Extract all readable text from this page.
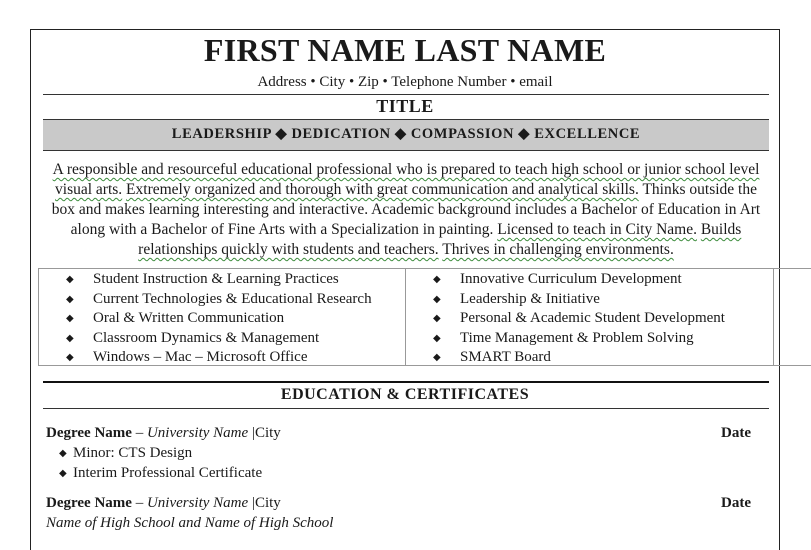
FIRST NAME LAST NAME
Address • City • Zip • Telephone Number • email
TITLE
LEADERSHIP ◆ DEDICATION ◆ COMPASSION ◆ EXCELLENCE
A responsible and resourceful educational professional who is prepared to teach high school or junior school level visual arts. Extremely organized and thorough with great communication and analytical skills. Thinks outside the box and makes learning interesting and interactive. Academic background includes a Bachelor of Education in Art along with a Bachelor of Fine Arts with a Specialization in painting. Licensed to teach in City Name. Builds relationships quickly with students and teachers. Thrives in challenging environments.
◆ Student Instruction & Learning Practices
◆ Current Technologies & Educational Research
◆ Oral & Written Communication
◆ Classroom Dynamics & Management
◆ Windows – Mac – Microsoft Office
◆ Innovative Curriculum Development
◆ Leadership & Initiative
◆ Personal & Academic Student Development
◆ Time Management & Problem Solving
◆ SMART Board
EDUCATION & CERTIFICATES
Degree Name – University Name |City	Date
◆ Minor: CTS Design
◆ Interim Professional Certificate
Degree Name – University Name |City	Date
Name of High School and Name of High School
